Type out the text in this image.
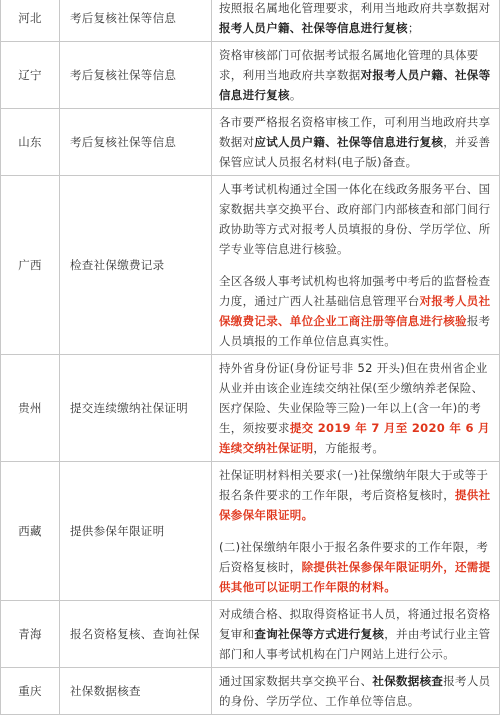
河北	考后复核社保等信息	按照报名属地化管理要求，利用当地政府共享数据对报考人员户籍、社保等信息进行复核；
辽宁	考后复核社保等信息	资格审核部门可依据考试报名属地化管理的具体要求，利用当地政府共享数据对报考人员户籍、社保等信息进行复核。
山东	考后复核社保等信息	各市要严格报名资格审核工作，可利用当地政府共享数据对应试人员户籍、社保等信息进行复核，并妥善保管应试人员报名材料(电子版)备查。
广西	检查社保缴费记录	人事考试机构通过全国一体化在线政务服务平台、国家数据共享交换平台、政府部门内部核查和部门间行政协助等方式对报考人员填报的身份、学历学位、所学专业等信息进行核验。
全区各级人事考试机构也将加强考中考后的监督检查力度，通过广西人社基础信息管理平台对报考人员社保缴费记录、单位企业工商注册等信息进行核验报考人员填报的工作单位信息真实性。
贵州	提交连续缴纳社保证明	持外省身份证(身份证号非 52 开头)但在贵州省企业从业并由该企业连续交纳社保(至少缴纳养老保险、医疗保险、失业保险等三险)一年以上(含一年)的考生，须按要求提交 2019 年 7 月至 2020 年 6 月连续交纳社保证明，方能报考。
西藏	提供参保年限证明	社保证明材料相关要求(一)社保缴纳年限大于或等于报名条件要求的工作年限，考后资格复核时，提供社保参保年限证明。
(二)社保缴纳年限小于报名条件要求的工作年限，考后资格复核时，除提供社保参保年限证明外，还需提供其他可以证明工作年限的材料。
青海	报名资格复核、查询社保	对成绩合格、拟取得资格证书人员，将通过报名资格复审和查询社保等方式进行复核，并由考试行业主管部门和人事考试机构在门户网站上进行公示。
重庆	社保数据核查	通过国家数据共享交换平台、社保数据核查报考人员的身份、学历学位、工作单位等信息。
